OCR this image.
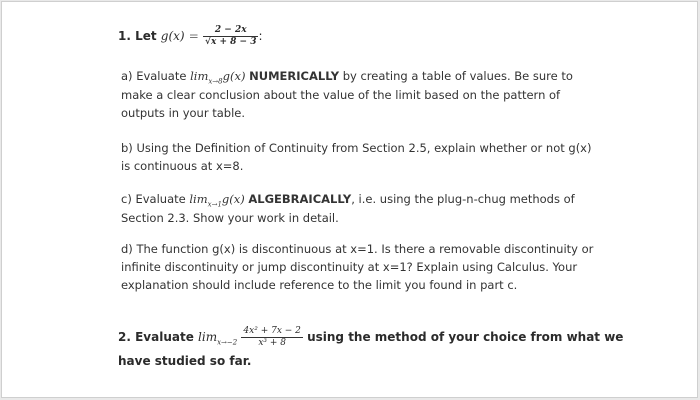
1. Let $g(x) = \frac{2 - 2x}{√x + 8 - 3}$ :
a) Evaluate $\lim_{x\to 8}g(x)$ NUMERICALLY by creating a table of values. Be sure to
make a clear conclusion about the value of the limit based on the pattern of
outputs in your table.
b) Using the Definition of Continuity from Section 2.5, explain whether or not g(x)
is continuous at x=8.
c) Evaluate $\lim_{x\to 1}g(x)$ ALGEBRAICALLY, i.e. using the plug-n-chug methods of
Section 2.3. Show your work in detail.
d) The function g(x) is discontinuous at x=1. Is there a removable discontinuity or
infinite discontinuity or jump discontinuity at x=1? Explain using Calculus. Your
explanation should include reference to the limit you found in part c.
2. Evaluate $\lim_{x\to-2} \frac{\text{4x² + 7x − 2}}{\text{x³ + 8}}$ using the method of your choice from what we
have studied so far.
